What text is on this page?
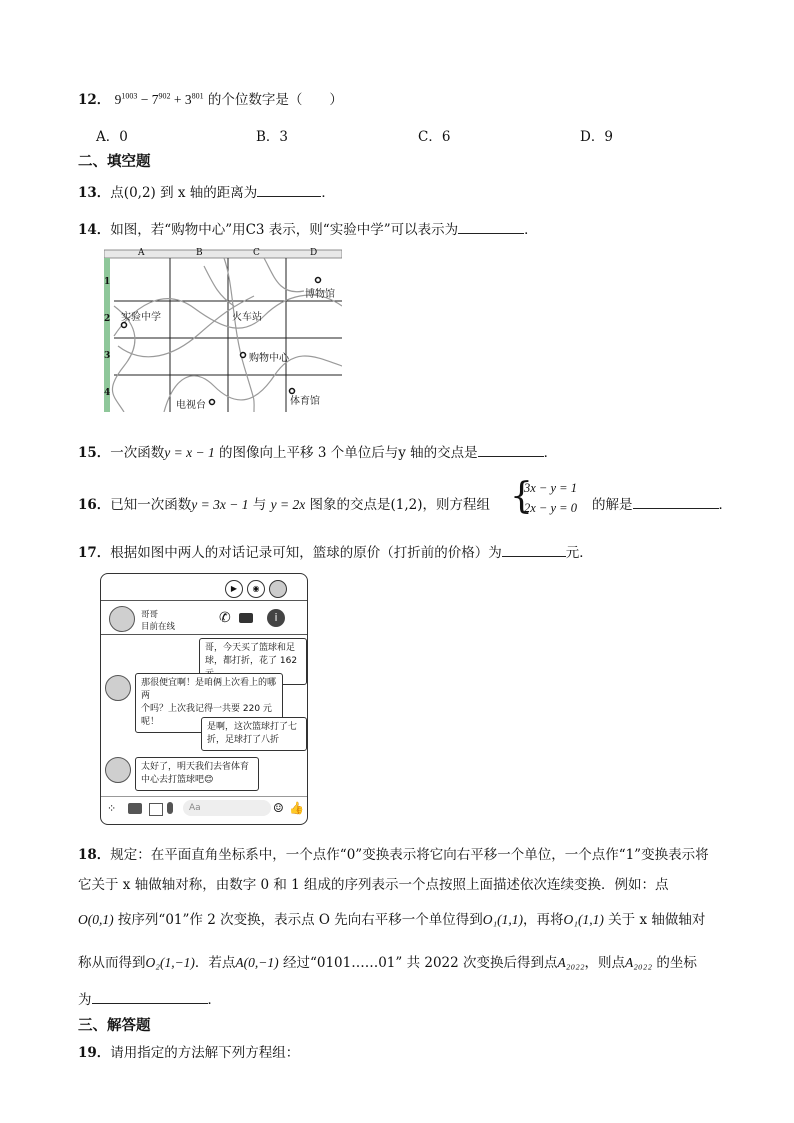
12． $9^{1003} - 7^{902} + 3^{801}$ 的个位数字是（　　）
A．0	B．3	C．6	D．9
二、填空题
13．点(0,2) 到 x 轴的距离为	．
14．如图，若“购物中心”用C3 表示，则“实验中学”可以表示为	．
A	B	C	D
1
2
3
4
博物馆
实验中学	火车站
购物中心
电视台	体育馆
15．一次函数y = x − 1 的图像向上平移 3 个单位后与y 轴的交点是	．
16．已知一次函数y = 3x − 1 与 y = 2x 图象的交点是(1,2)，则方程组 {
3x − y = 1
2x − y = 0 的解是	．
17．根据如图中两人的对话记录可知，篮球的原价（打折前的价格）为	元．
▶	◉
哥哥
目前在线
✆	i
哥，今天买了篮球和足
球，都打折，花了 162
那很便宜啊！是咱俩上次看上的哪两
个吗？上次我记得一共要 220 元呢！	是啊，这次篮球打了七
折，足球打了八折
太好了，明天我们去省体育
中心去打篮球吧😊
⁘	Aa	☺ 👍
18．规定：在平面直角坐标系中，一个点作“0”变换表示将它向右平移一个单位，一个点作“1”变换表示将
它关于 x 轴做轴对称，由数字 0 和 1 组成的序列表示一个点按照上面描述依次连续变换．例如：点
O(0,1) 按序列“01”作 2 次变换，表示点 O 先向右平移一个单位得到O₁(1,1)，再将O₁(1,1) 关于 x 轴做轴对
称从而得到O₂(1,−1)．若点A(0,−1) 经过“0101……01” 共 2022 次变换后得到点A₂₀₂₂，则点A₂₀₂₂ 的坐标
为	．
三、解答题
19．请用指定的方法解下列方程组：
